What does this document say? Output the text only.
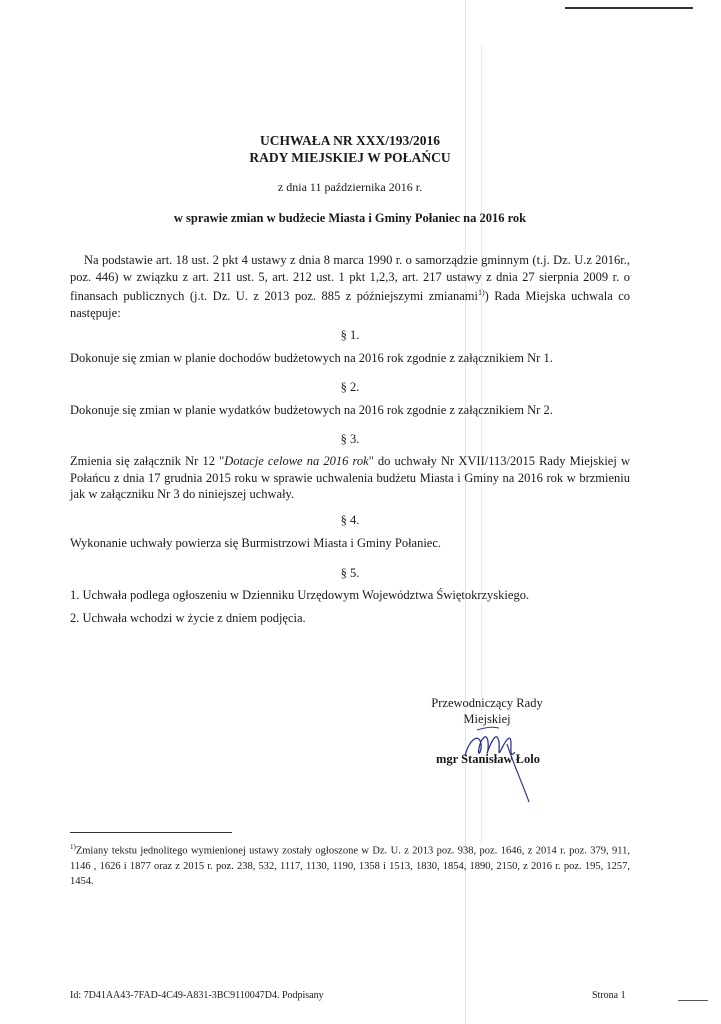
UCHWAŁA NR XXX/193/2016
RADY MIEJSKIEJ W POŁAŃCU
z dnia 11 października 2016 r.
w sprawie zmian w budżecie Miasta i Gminy Połaniec na 2016 rok
Na podstawie art. 18 ust. 2 pkt 4 ustawy z dnia 8 marca 1990 r. o samorządzie gminnym (t.j. Dz. U.z 2016r., poz. 446) w związku z art. 211 ust. 5, art. 212 ust. 1 pkt 1,2,3, art. 217 ustawy z dnia 27 sierpnia 2009 r. o finansach publicznych (j.t. Dz. U. z 2013 poz. 885 z późniejszymi zmianami$^{1)}$) Rada Miejska uchwala co następuje:
§ 1.
Dokonuje się zmian w planie dochodów budżetowych na 2016 rok zgodnie z załącznikiem Nr 1.
§ 2.
Dokonuje się zmian w planie wydatków budżetowych na 2016 rok zgodnie z załącznikiem Nr 2.
§ 3.
Zmienia się załącznik Nr 12 "Dotacje celowe na 2016 rok" do uchwały Nr XVII/113/2015 Rady Miejskiej w Połańcu z dnia 17 grudnia 2015 roku w sprawie uchwalenia budżetu Miasta i Gminy na 2016 rok w brzmieniu jak w załączniku Nr 3 do niniejszej uchwały.
§ 4.
Wykonanie uchwały powierza się Burmistrzowi Miasta i Gminy Połaniec.
§ 5.
1. Uchwała podlega ogłoszeniu w Dzienniku Urzędowym Województwa Świętokrzyskiego.
2. Uchwała wchodzi w życie z dniem podjęcia.
Przewodniczący Rady
Miejskiej
mgr Stanisław Łolo
$^{1)}$Zmiany tekstu jednolitego wymienionej ustawy zostały ogłoszone w Dz. U. z 2013 poz. 938, poz. 1646, z 2014 r. poz. 379, 911, 1146 , 1626 i 1877 oraz z 2015 r. poz. 238, 532, 1117, 1130, 1190, 1358 i 1513, 1830, 1854, 1890, 2150, z 2016 r. poz. 195, 1257, 1454.
Id: 7D41AA43-7FAD-4C49-A831-3BC9110047D4. Podpisany	Strona 1
